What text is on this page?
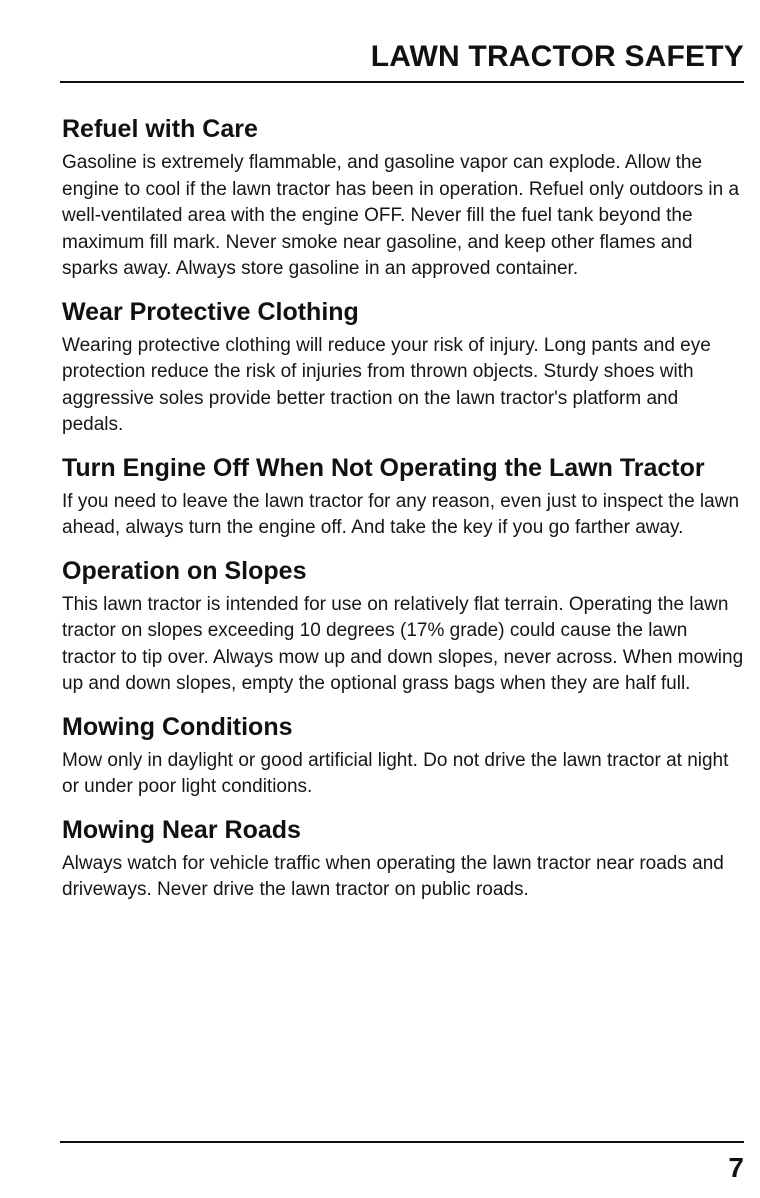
LAWN TRACTOR SAFETY
Refuel with Care

Gasoline is extremely flammable, and gasoline vapor can explode. Allow the engine to cool if the lawn tractor has been in operation. Refuel only outdoors in a well-ventilated area with the engine OFF. Never fill the fuel tank beyond the maximum fill mark. Never smoke near gasoline, and keep other flames and sparks away. Always store gasoline in an approved container.

Wear Protective Clothing

Wearing protective clothing will reduce your risk of injury. Long pants and eye protection reduce the risk of injuries from thrown objects. Sturdy shoes with aggressive soles provide better traction on the lawn tractor's platform and pedals.

Turn Engine Off When Not Operating the Lawn Tractor

If you need to leave the lawn tractor for any reason, even just to inspect the lawn ahead, always turn the engine off. And take the key if you go farther away.

Operation on Slopes

This lawn tractor is intended for use on relatively flat terrain. Operating the lawn tractor on slopes exceeding 10 degrees (17% grade) could cause the lawn tractor to tip over. Always mow up and down slopes, never across. When mowing up and down slopes, empty the optional grass bags when they are half full.

Mowing Conditions

Mow only in daylight or good artificial light. Do not drive the lawn tractor at night or under poor light conditions.

Mowing Near Roads

Always watch for vehicle traffic when operating the lawn tractor near roads and driveways. Never drive the lawn tractor on public roads.

7
